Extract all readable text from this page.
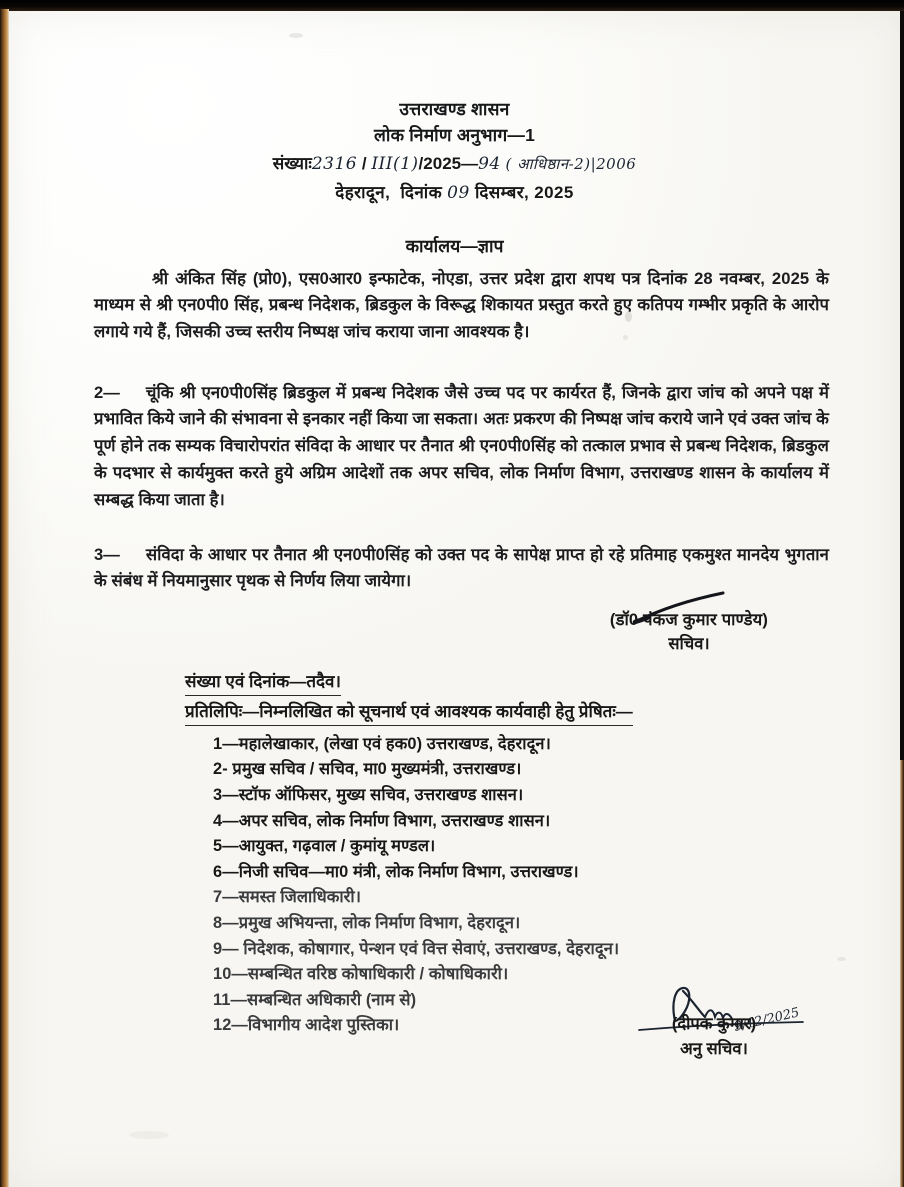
उत्तराखण्ड शासन
लोक निर्माण अनुभाग—1
संख्याः2316 / III(1)/2025—94 ( आधिष्ठान-2)|2006
देहरादून, दिनांक 09 दिसम्बर, 2025
कार्यालय—ज्ञाप

श्री अंकित सिंह (प्रो0), एस0आर0 इन्फाटेक, नोएडा, उत्तर प्रदेश द्वारा शपथ पत्र दिनांक 28 नवम्बर, 2025 के माध्यम से श्री एन0पी0 सिंह, प्रबन्ध निदेशक, ब्रिडकुल के विरूद्ध शिकायत प्रस्तुत करते हुए कतिपय गम्भीर प्रकृति के आरोप लगाये गये हैं, जिसकी उच्च स्तरीय निष्पक्ष जांच कराया जाना आवश्यक है।

2— चूंकि श्री एन0पी0सिंह ब्रिडकुल में प्रबन्ध निदेशक जैसे उच्च पद पर कार्यरत हैं, जिनके द्वारा जांच को अपने पक्ष में प्रभावित किये जाने की संभावना से इनकार नहीं किया जा सकता। अतः प्रकरण की निष्पक्ष जांच कराये जाने एवं उक्त जांच के पूर्ण होने तक सम्यक विचारोपरांत संविदा के आधार पर तैनात श्री एन0पी0सिंह को तत्काल प्रभाव से प्रबन्ध निदेशक, ब्रिडकुल के पदभार से कार्यमुक्त करते हुये अग्रिम आदेशों तक अपर सचिव, लोक निर्माण विभाग, उत्तराखण्ड शासन के कार्यालय में सम्बद्ध किया जाता है।

3— संविदा के आधार पर तैनात श्री एन0पी0सिंह को उक्त पद के सापेक्ष प्राप्त हो रहे प्रतिमाह एकमुश्त मानदेय भुगतान के संबंध में नियमानुसार पृथक से निर्णय लिया जायेगा।

(डॉ0 पंकज कुमार पाण्डेय)
सचिव।
संख्या एवं दिनांक—तदैव।
प्रतिलिपिः—निम्नलिखित को सूचनार्थ एवं आवश्यक कार्यवाही हेतु प्रेषितः—
1—महालेखाकार, (लेखा एवं हक0) उत्तराखण्ड, देहरादून।
2- प्रमुख सचिव / सचिव, मा0 मुख्यमंत्री, उत्तराखण्ड।
3—स्टॉफ ऑफिसर, मुख्य सचिव, उत्तराखण्ड शासन।
4—अपर सचिव, लोक निर्माण विभाग, उत्तराखण्ड शासन।
5—आयुक्त, गढ़वाल / कुमांयू मण्डल।
6—निजी सचिव—मा0 मंत्री, लोक निर्माण विभाग, उत्तराखण्ड।
7—समस्त जिलाधिकारी।
8—प्रमुख अभियन्ता, लोक निर्माण विभाग, देहरादून।
9— निदेशक, कोषागार, पेन्शन एवं वित्त सेवाएं, उत्तराखण्ड, देहरादून।
10—सम्बन्धित वरिष्ठ कोषाधिकारी / कोषाधिकारी।
11—सम्बन्धित अधिकारी (नाम से)
12—विभागीय आदेश पुस्तिका।	9/12/2025
(दीपक कुमार)
अनु सचिव।
